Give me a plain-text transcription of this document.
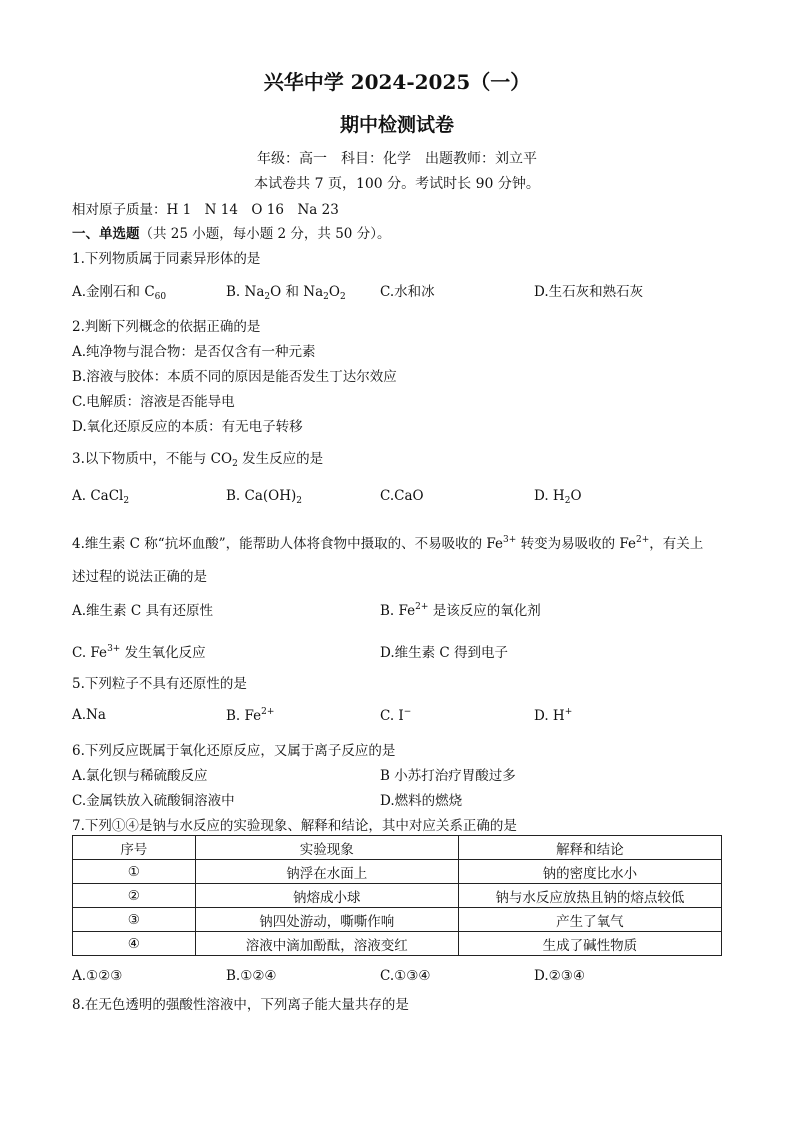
兴华中学 2024-2025（一）
期中检测试卷
年级：高一　科目：化学　出题教师：刘立平
本试卷共 7 页，100 分。考试时长 90 分钟。
相对原子质量：H 1　N 14　O 16　Na 23
一、单选题（共 25 小题，每小题 2 分，共 50 分）。
1.下列物质属于同素异形体的是
A.金刚石和 $C_{60}$	B. $Na_2O$ 和 $Na_2O_2$	C.水和冰	D.生石灰和熟石灰
2.判断下列概念的依据正确的是
A.纯净物与混合物：是否仅含有一种元素
B.溶液与胶体：本质不同的原因是能否发生丁达尔效应
C.电解质：溶液是否能导电
D.氧化还原反应的本质：有无电子转移
3.以下物质中，不能与 $CO_2$ 发生反应的是
A. CaCl$_2$	B. $Ca(OH)_2$	C.CaO	D. $H_2O$
4.维生素 C 称“抗坏血酸”，能帮助人体将食物中摄取的、不易吸收的 $Fe^{3+}$ 转变为易吸收的 $Fe^{2+}$，有关上
述过程的说法正确的是
A.维生素 C 具有还原性	B. $Fe^{2+}$ 是该反应的氧化剂
C. $Fe^{3+}$ 发生氧化反应	D.维生素 C 得到电子
5.下列粒子不具有还原性的是
A.Na	B. $Fe^{2+}$	C. I−	D. H+
6.下列反应既属于氧化还原反应，又属于离子反应的是
A.氯化钡与稀硫酸反应	B 小苏打治疗胃酸过多
C.金属铁放入硫酸铜溶液中	D.燃料的燃烧
7.下列①④是钠与水反应的实验现象、解释和结论，其中对应关系正确的是
序号	实验现象	解释和结论
①	钠浮在水面上	钠的密度比水小
②	钠熔成小球	钠与水反应放热且钠的熔点较低
③	钠四处游动，嘶嘶作响	产生了氧气
④	溶液中滴加酚酞，溶液变红	生成了碱性物质
A.①②③	B.①②④	C.①③④	D.②③④
8.在无色透明的强酸性溶液中，下列离子能大量共存的是
